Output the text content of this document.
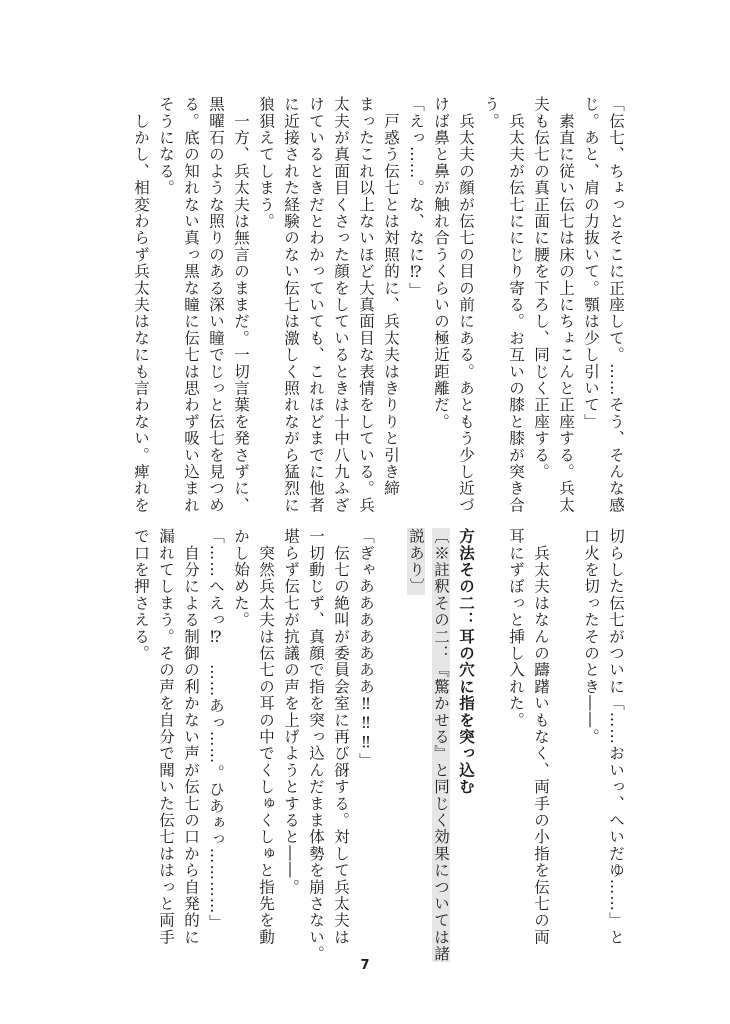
「伝七、ちょっとそこに正座して。……そう、そんな感
じ。あと、肩の力抜いて。顎は少し引いて」
　素直に従い伝七は床の上にちょこんと正座する。兵太
夫も伝七の真正面に腰を下ろし、同じく正座する。
　兵太夫が伝七ににじり寄る。お互いの膝と膝が突き合
う。
　兵太夫の顔が伝七の目の前にある。あともう少し近づ
けば鼻と鼻が触れ合うくらいの極近距離だ。
「えっ……。な、なに⁉」
　戸惑う伝七とは対照的に、兵太夫はきりりと引き締
まったこれ以上ないほど大真面目な表情をしている。兵
太夫が真面目くさった顔をしているときは十中八九ふざ
けているときだとわかっていても、これほどまでに他者
に近接された経験のない伝七は激しく照れながら猛烈に
狼狽えてしまう。
　一方、兵太夫は無言のままだ。一切言葉を発さずに、
黒曜石のような照りのある深い瞳でじっと伝七を見つめ
る。底の知れない真っ黒な瞳に伝七は思わず吸い込まれ
そうになる。
　しかし、相変わらず兵太夫はなにも言わない。痺れを
切らした伝七がついに「……おいっ、へいだゆ……」と
口火を切ったそのとき――。

　兵太夫はなんの躊躇いもなく、両手の小指を伝七の両
耳にずぼっと挿し入れた。

方法その二：耳の穴に指を突っ込む
〔※註釈その二：『驚かせる』と同じく効果については諸
説あり〕

「ぎゃあああああああ‼‼‼」
　伝七の絶叫が委員会室に再び谺する。対して兵太夫は
一切動じず、真顔で指を突っ込んだまま体勢を崩さない。
堪らず伝七が抗議の声を上げようとすると――。
　突然兵太夫は伝七の耳の中でくしゅくしゅと指先を動
かし始めた。
「……へえっ⁉　……あっ……。ひあぁっ…………」
　自分による制御の利かない声が伝七の口から自発的に
漏れてしまう。その声を自分で聞いた伝七ははっと両手
で口を押さえる。
7
